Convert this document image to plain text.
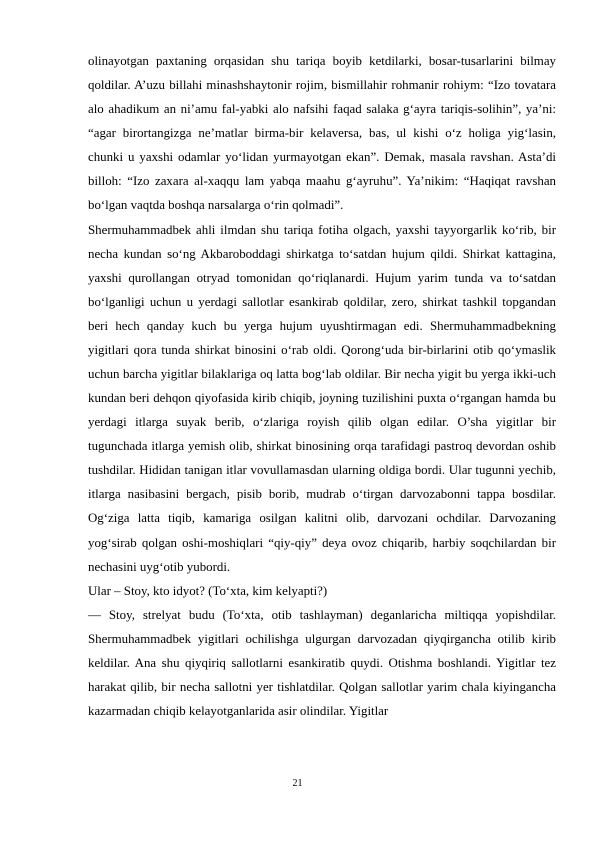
olinayotgan paxtaning orqasidan shu tariqa boyib ketdilarki, bosar-tusarlarini bilmay qoldilar. A’uzu billahi minashshaytonir rojim, bismillahir rohmanir rohiym: “Izo tovatara alo ahadikum an ni’amu fal-yabki alo nafsihi faqad salaka g‘ayra tariqis-solihin”, ya’ni: “agar birortangizga ne’matlar birma-bir kelaversa, bas, ul kishi o‘z holiga yig‘lasin, chunki u yaxshi odamlar yo‘lidan yurmayotgan ekan”. Demak, masala ravshan. Asta’di billoh: “Izo zaxara al-xaqqu lam yabqa maahu g‘ayruhu”. Ya’nikim: “Haqiqat ravshan bo‘lgan vaqtda boshqa narsalarga o‘rin qolmadi”.

Shermuhammadbek ahli ilmdan shu tariqa fotiha olgach, yaxshi tayyorgarlik ko‘rib, bir necha kundan so‘ng Akbaroboddagi shirkatga to‘satdan hujum qildi. Shirkat kattagina, yaxshi qurollangan otryad tomonidan qo‘riqlanardi. Hujum yarim tunda va to‘satdan bo‘lganligi uchun u yerdagi sallotlar esankirab qoldilar, zero, shirkat tashkil topgandan beri hech qanday kuch bu yerga hujum uyushtirmagan edi. Shermuhammadbekning yigitlari qora tunda shirkat binosini o‘rab oldi. Qorong‘uda bir-birlarini otib qo‘ymaslik uchun barcha yigitlar bilaklariga oq latta bog‘lab oldilar. Bir necha yigit bu yerga ikki-uch kundan beri dehqon qiyofasida kirib chiqib, joyning tuzilishini puxta o‘rgangan hamda bu yerdagi itlarga suyak berib, o‘zlariga royish qilib olgan edilar. O’sha yigitlar bir tugunchada itlarga yemish olib, shirkat binosining orqa tarafidagi pastroq devordan oshib tushdilar. Hididan tanigan itlar vovullamasdan ularning oldiga bordi. Ular tugunni yechib, itlarga nasibasini bergach, pisib borib, mudrab o‘tirgan darvozabonni tappa bosdilar. Og‘ziga latta tiqib, kamariga osilgan kalitni olib, darvozani ochdilar. Darvozaning yog‘sirab qolgan oshi-moshiqlari “qiy-qiy” deya ovoz chiqarib, harbiy soqchilardan bir nechasini uyg‘otib yubordi.

Ular – Stoy, kto idyot? (To‘xta, kim kelyapti?)

— Stoy, strelyat budu (To‘xta, otib tashlayman) deganlaricha miltiqqa yopishdilar. Shermuhammadbek yigitlari ochilishga ulgurgan darvozadan qiyqirgancha otilib kirib keldilar. Ana shu qiyqiriq sallotlarni esankiratib quydi. Otishma boshlandi. Yigitlar tez harakat qilib, bir necha sallotni yer tishlatdilar. Qolgan sallotlar yarim chala kiyingancha kazarmadan chiqib kelayotganlarida asir olindilar. Yigitlar

21
